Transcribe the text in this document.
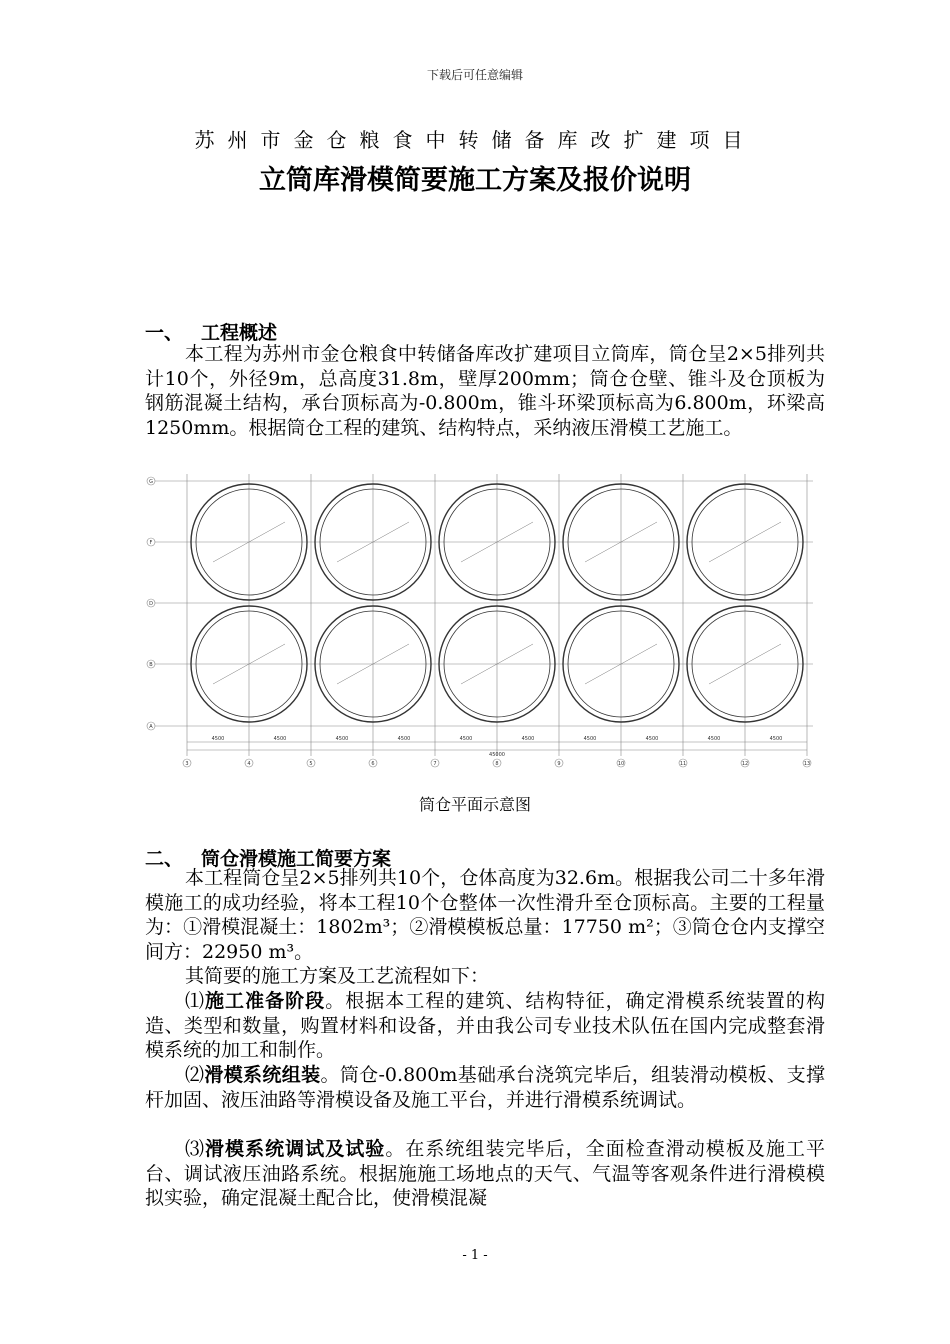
下载后可任意编辑
苏州市金仓粮食中转储备库改扩建项目
立筒库滑模简要施工方案及报价说明
一、 工程概述
本工程为苏州市金仓粮食中转储备库改扩建项目立筒库，筒仓呈2×5排列共计10个，外径9m，总高度31.8m，壁厚200mm；筒仓仓壁、锥斗及仓顶板为钢筋混凝土结构，承台顶标高为-0.800m，锥斗环梁顶标高为6.800m，环梁高1250mm。根据筒仓工程的建筑、结构特点，采纳液压滑模工艺施工。
G
F
D
B
A
3	4	5	6	7	8	9	10	11	12	13
4500	4500	4500	4500	4500	4500	4500	4500	4500	4500
45000
筒仓平面示意图
二、 筒仓滑模施工简要方案
本工程筒仓呈2×5排列共10个，仓体高度为32.6m。根据我公司二十多年滑模施工的成功经验，将本工程10个仓整体一次性滑升至仓顶标高。主要的工程量为：①滑模混凝土：1802m³；②滑模模板总量：17750 m²；③筒仓仓内支撑空间方：22950 m³。
其简要的施工方案及工艺流程如下：
⑴施工准备阶段。根据本工程的建筑、结构特征，确定滑模系统装置的构造、类型和数量，购置材料和设备，并由我公司专业技术队伍在国内完成整套滑模系统的加工和制作。
⑵滑模系统组装。筒仓-0.800m基础承台浇筑完毕后，组装滑动模板、支撑杆加固、液压油路等滑模设备及施工平台，并进行滑模系统调试。
⑶滑模系统调试及试验。在系统组装完毕后，全面检查滑动模板及施工平台、调试液压油路系统。根据施施工场地点的天气、气温等客观条件进行滑模模拟实验，确定混凝土配合比，使滑模混凝
- 1 -
